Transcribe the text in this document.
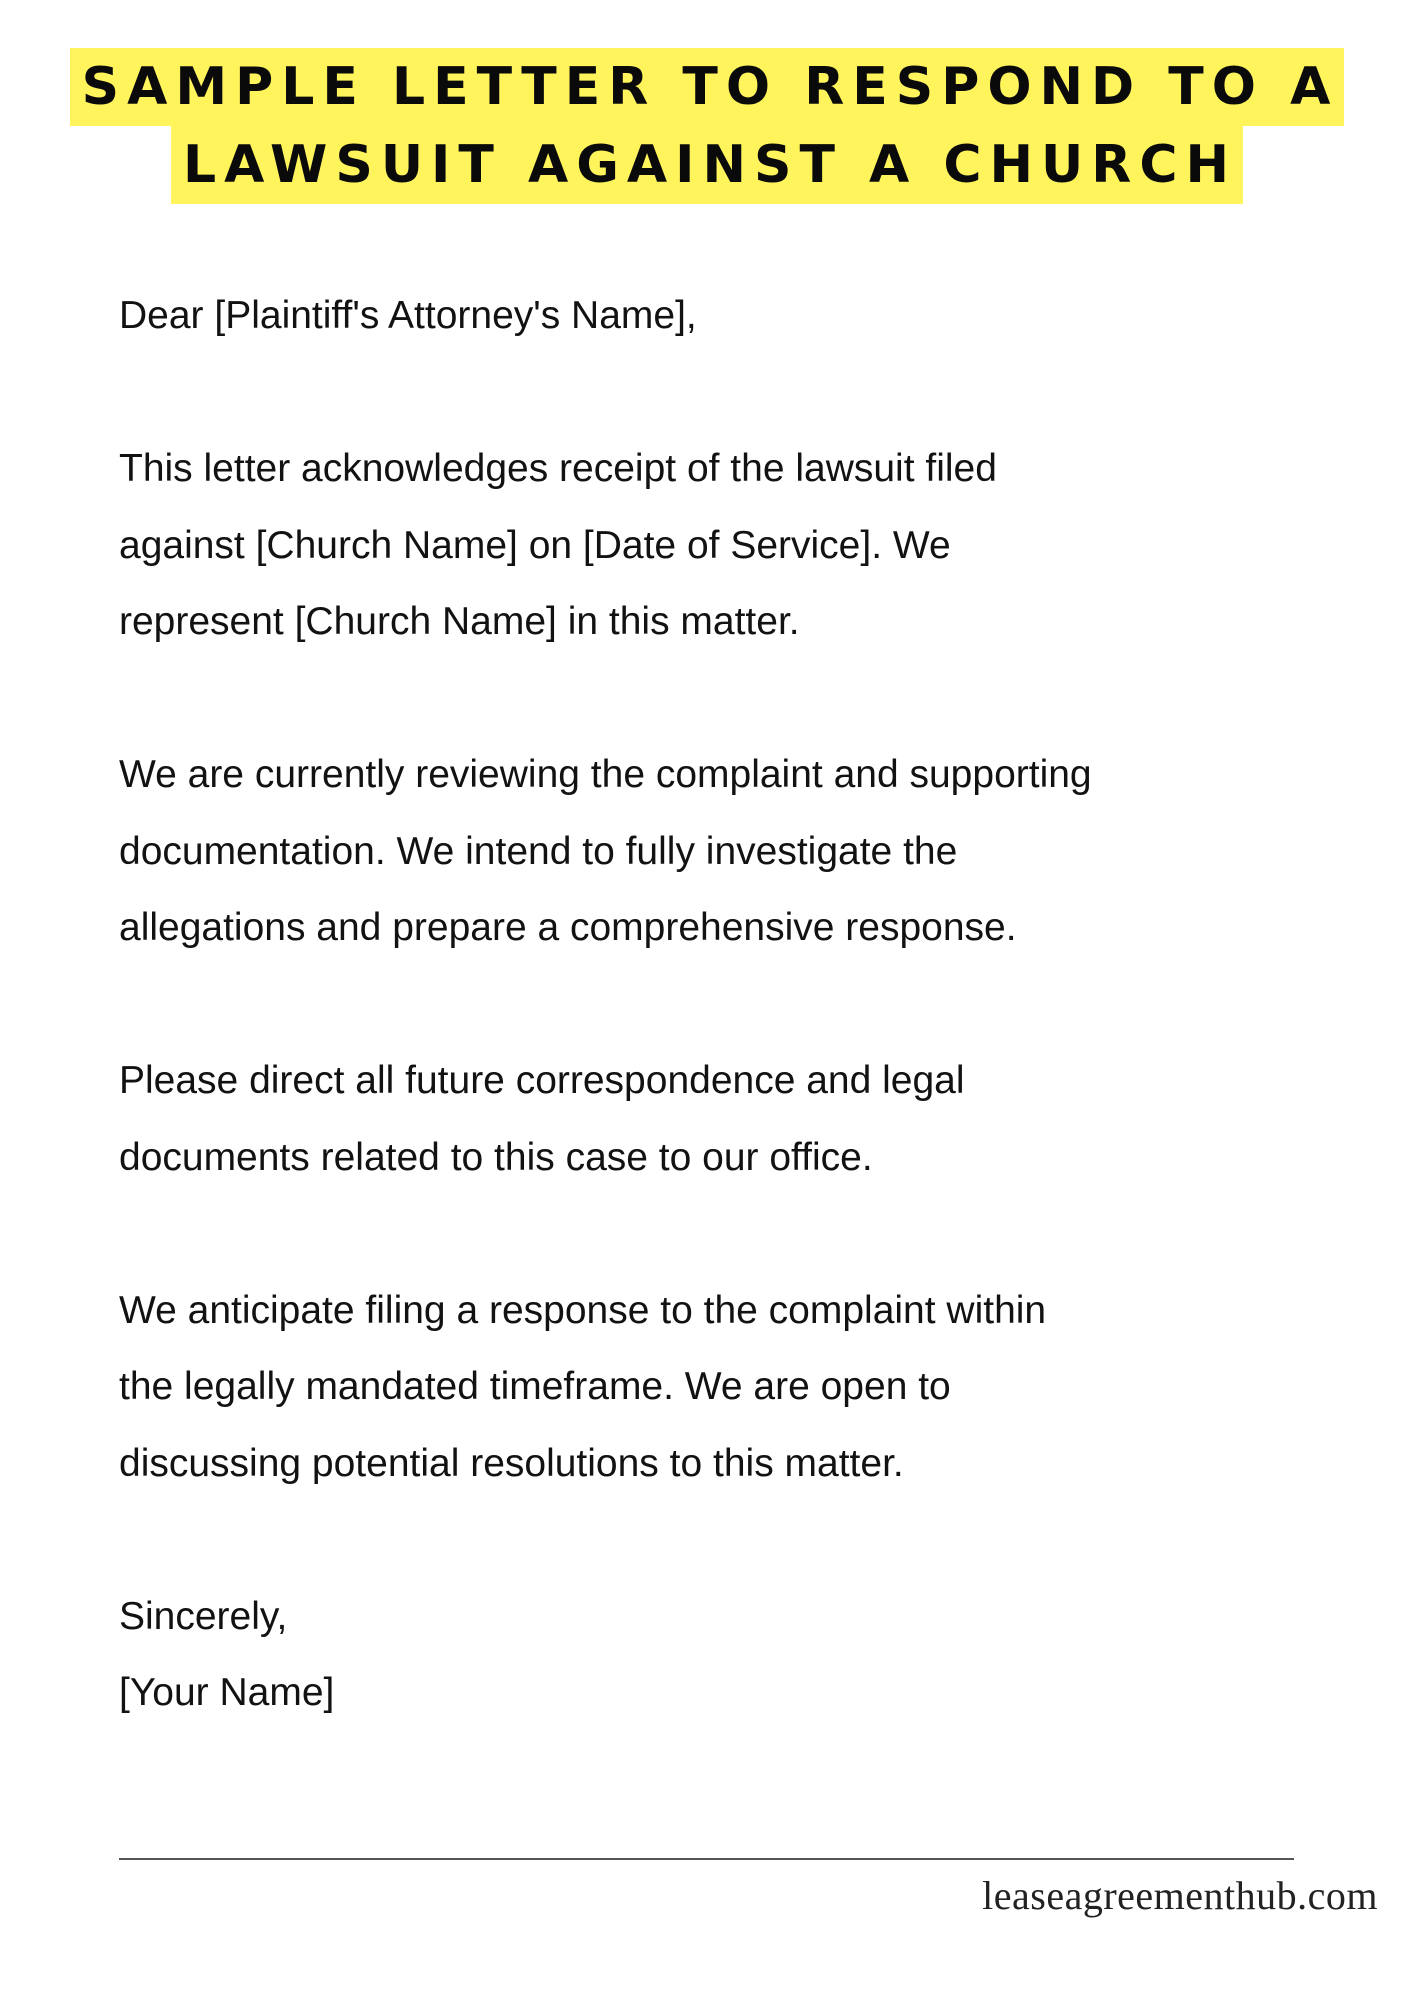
SAMPLE LETTER TO RESPOND TO A
LAWSUIT AGAINST A CHURCH

Dear [Plaintiff's Attorney's Name],

This letter acknowledges receipt of the lawsuit filed

against [Church Name] on [Date of Service]. We

represent [Church Name] in this matter.

We are currently reviewing the complaint and supporting

documentation. We intend to fully investigate the

allegations and prepare a comprehensive response.

Please direct all future correspondence and legal

documents related to this case to our office.

We anticipate filing a response to the complaint within

the legally mandated timeframe. We are open to

discussing potential resolutions to this matter.

Sincerely,

[Your Name]

leaseagreementhub.com
